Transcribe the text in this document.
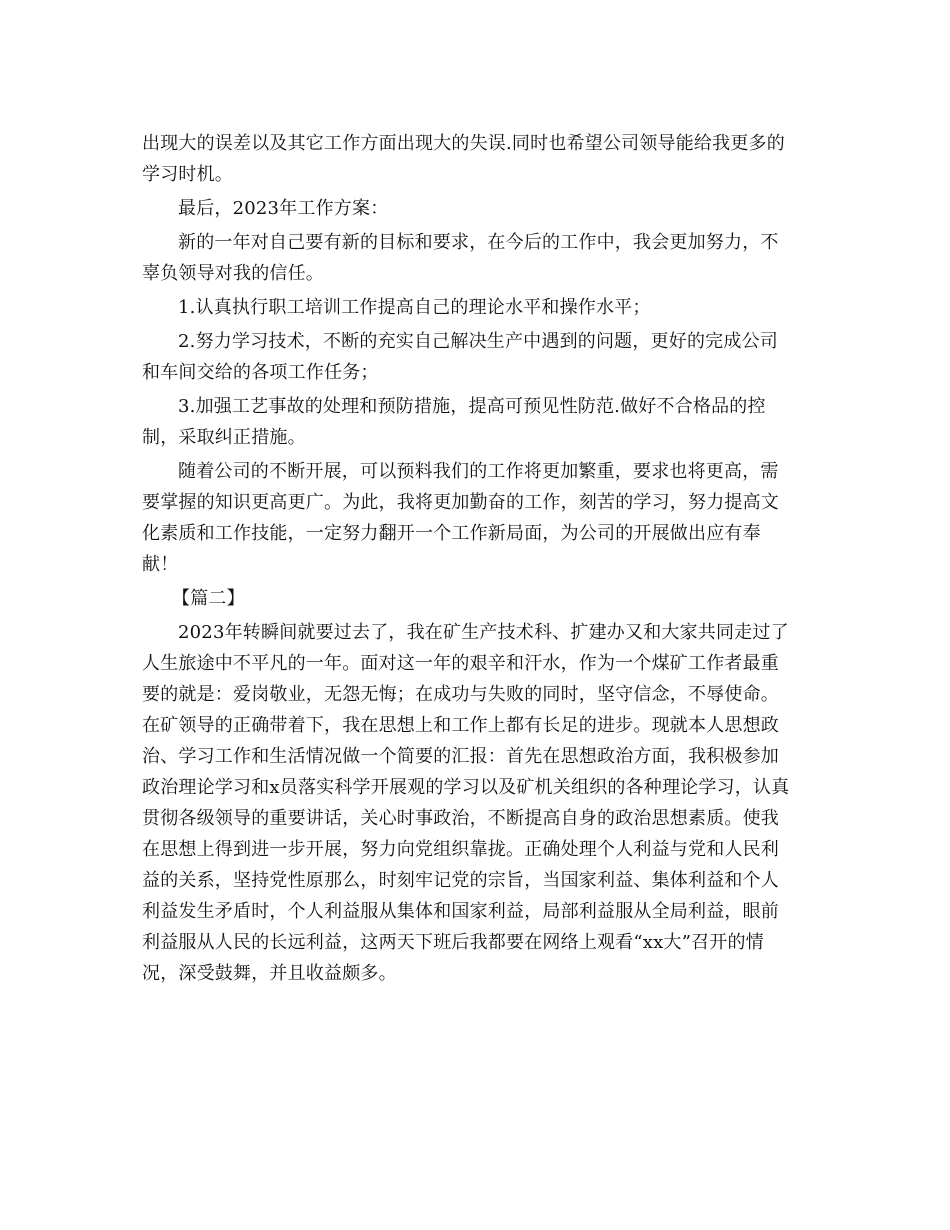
出现大的误差以及其它工作方面出现大的失误.同时也希望公司领导能给我更多的
学习时机。
最后，2023年工作方案：
新的一年对自己要有新的目标和要求，在今后的工作中，我会更加努力，不
辜负领导对我的信任。
1.认真执行职工培训工作提高自己的理论水平和操作水平；
2.努力学习技术，不断的充实自己解决生产中遇到的问题，更好的完成公司
和车间交给的各项工作任务；
3.加强工艺事故的处理和预防措施，提高可预见性防范.做好不合格品的控
制，采取纠正措施。
随着公司的不断开展，可以预料我们的工作将更加繁重，要求也将更高，需
要掌握的知识更高更广。为此，我将更加勤奋的工作，刻苦的学习，努力提高文
化素质和工作技能，一定努力翻开一个工作新局面，为公司的开展做出应有奉
献！
【篇二】
2023年转瞬间就要过去了，我在矿生产技术科、扩建办又和大家共同走过了
人生旅途中不平凡的一年。面对这一年的艰辛和汗水，作为一个煤矿工作者最重
要的就是：爱岗敬业，无怨无悔；在成功与失败的同时，坚守信念，不辱使命。
在矿领导的正确带着下，我在思想上和工作上都有长足的进步。现就本人思想政
治、学习工作和生活情况做一个简要的汇报：首先在思想政治方面，我积极参加
政治理论学习和x员落实科学开展观的学习以及矿机关组织的各种理论学习，认真
贯彻各级领导的重要讲话，关心时事政治，不断提高自身的政治思想素质。使我
在思想上得到进一步开展，努力向党组织靠拢。正确处理个人利益与党和人民利
益的关系，坚持党性原那么，时刻牢记党的宗旨，当国家利益、集体利益和个人
利益发生矛盾时，个人利益服从集体和国家利益，局部利益服从全局利益，眼前
利益服从人民的长远利益，这两天下班后我都要在网络上观看“xx大”召开的情
况，深受鼓舞，并且收益颇多。
